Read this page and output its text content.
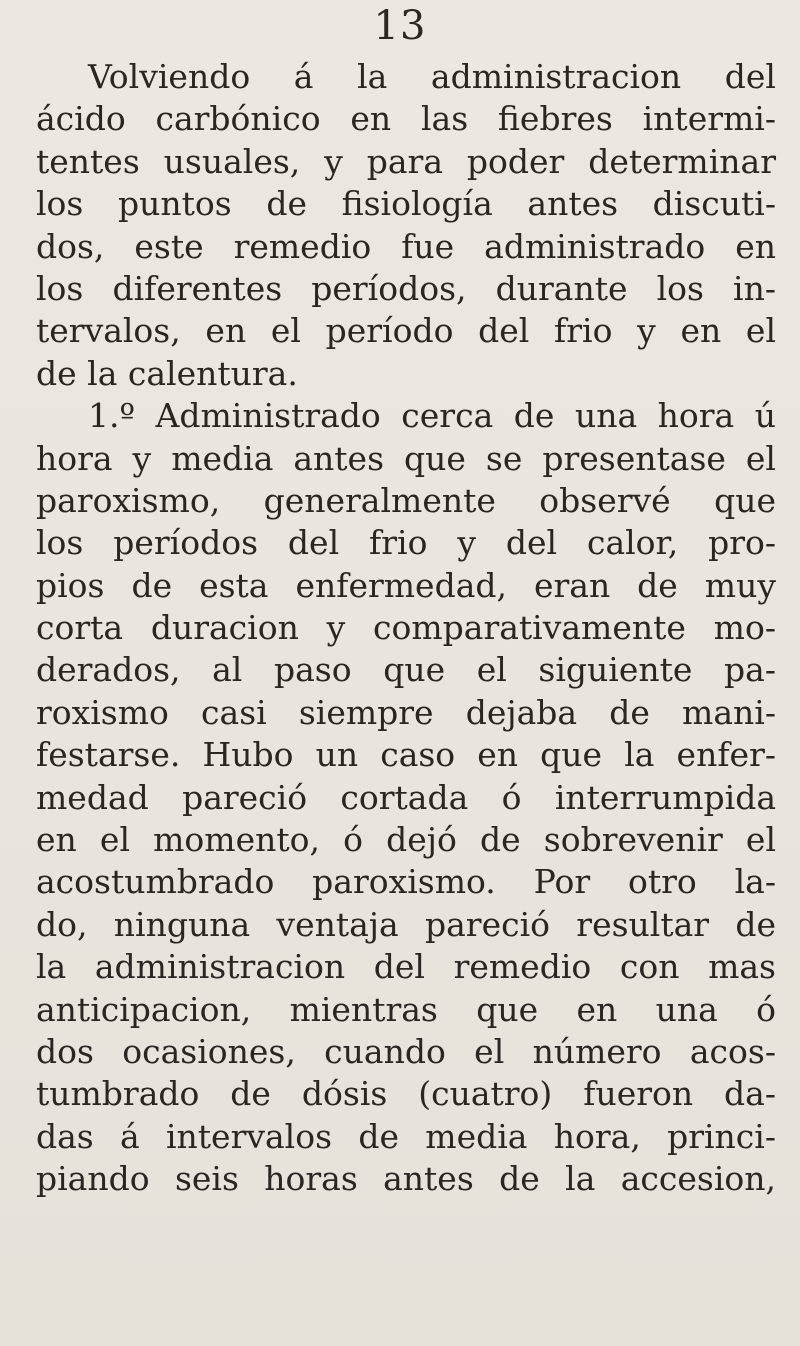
13
Volviendo á la administracion del
ácido carbónico en las fiebres intermi-
tentes usuales, y para poder determinar
los puntos de fisiología antes discuti-
dos, este remedio fue administrado en
los diferentes períodos, durante los in-
tervalos, en el período del frio y en el
de la calentura.
1.º Administrado cerca de una hora ú
hora y media antes que se presentase el
paroxismo, generalmente observé que
los períodos del frio y del calor, pro-
pios de esta enfermedad, eran de muy
corta duracion y comparativamente mo-
derados, al paso que el siguiente pa-
roxismo casi siempre dejaba de mani-
festarse. Hubo un caso en que la enfer-
medad pareció cortada ó interrumpida
en el momento, ó dejó de sobrevenir el
acostumbrado paroxismo. Por otro la-
do, ninguna ventaja pareció resultar de
la administracion del remedio con mas
anticipacion, mientras que en una ó
dos ocasiones, cuando el número acos-
tumbrado de dósis (cuatro) fueron da-
das á intervalos de media hora, princi-
piando seis horas antes de la accesion,
